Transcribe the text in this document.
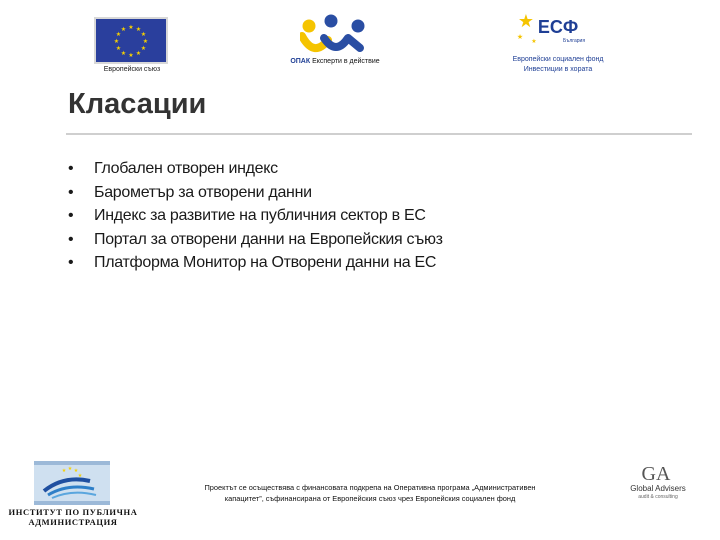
★ ★
★
★
★
★
★
★
★
★
★
★
Европейски съюз
ОПАК Експерти в действие
★
★
★
ЕСФ
България
Европейски социален фонд
Инвестиции в хората
Класации
• Глобален отворен индекс
• Барометър за отворени данни
• Индекс за развитие на публичния сектор в ЕС
• Портал за отворени данни на Европейския съюз
• Платформа Монитор на Отворени данни на ЕС
★ ★ ★
★
ИНСТИТУТ ПО ПУБЛИЧНА
АДМИНИСТРАЦИЯ
Проектът се осъществява с финансовата подкрепа на Оперативна програма „Административен
капацитет”, съфинансирана от Европейския съюз чрез Европейския социален фонд
GA
Global Advisers
audit & consulting
